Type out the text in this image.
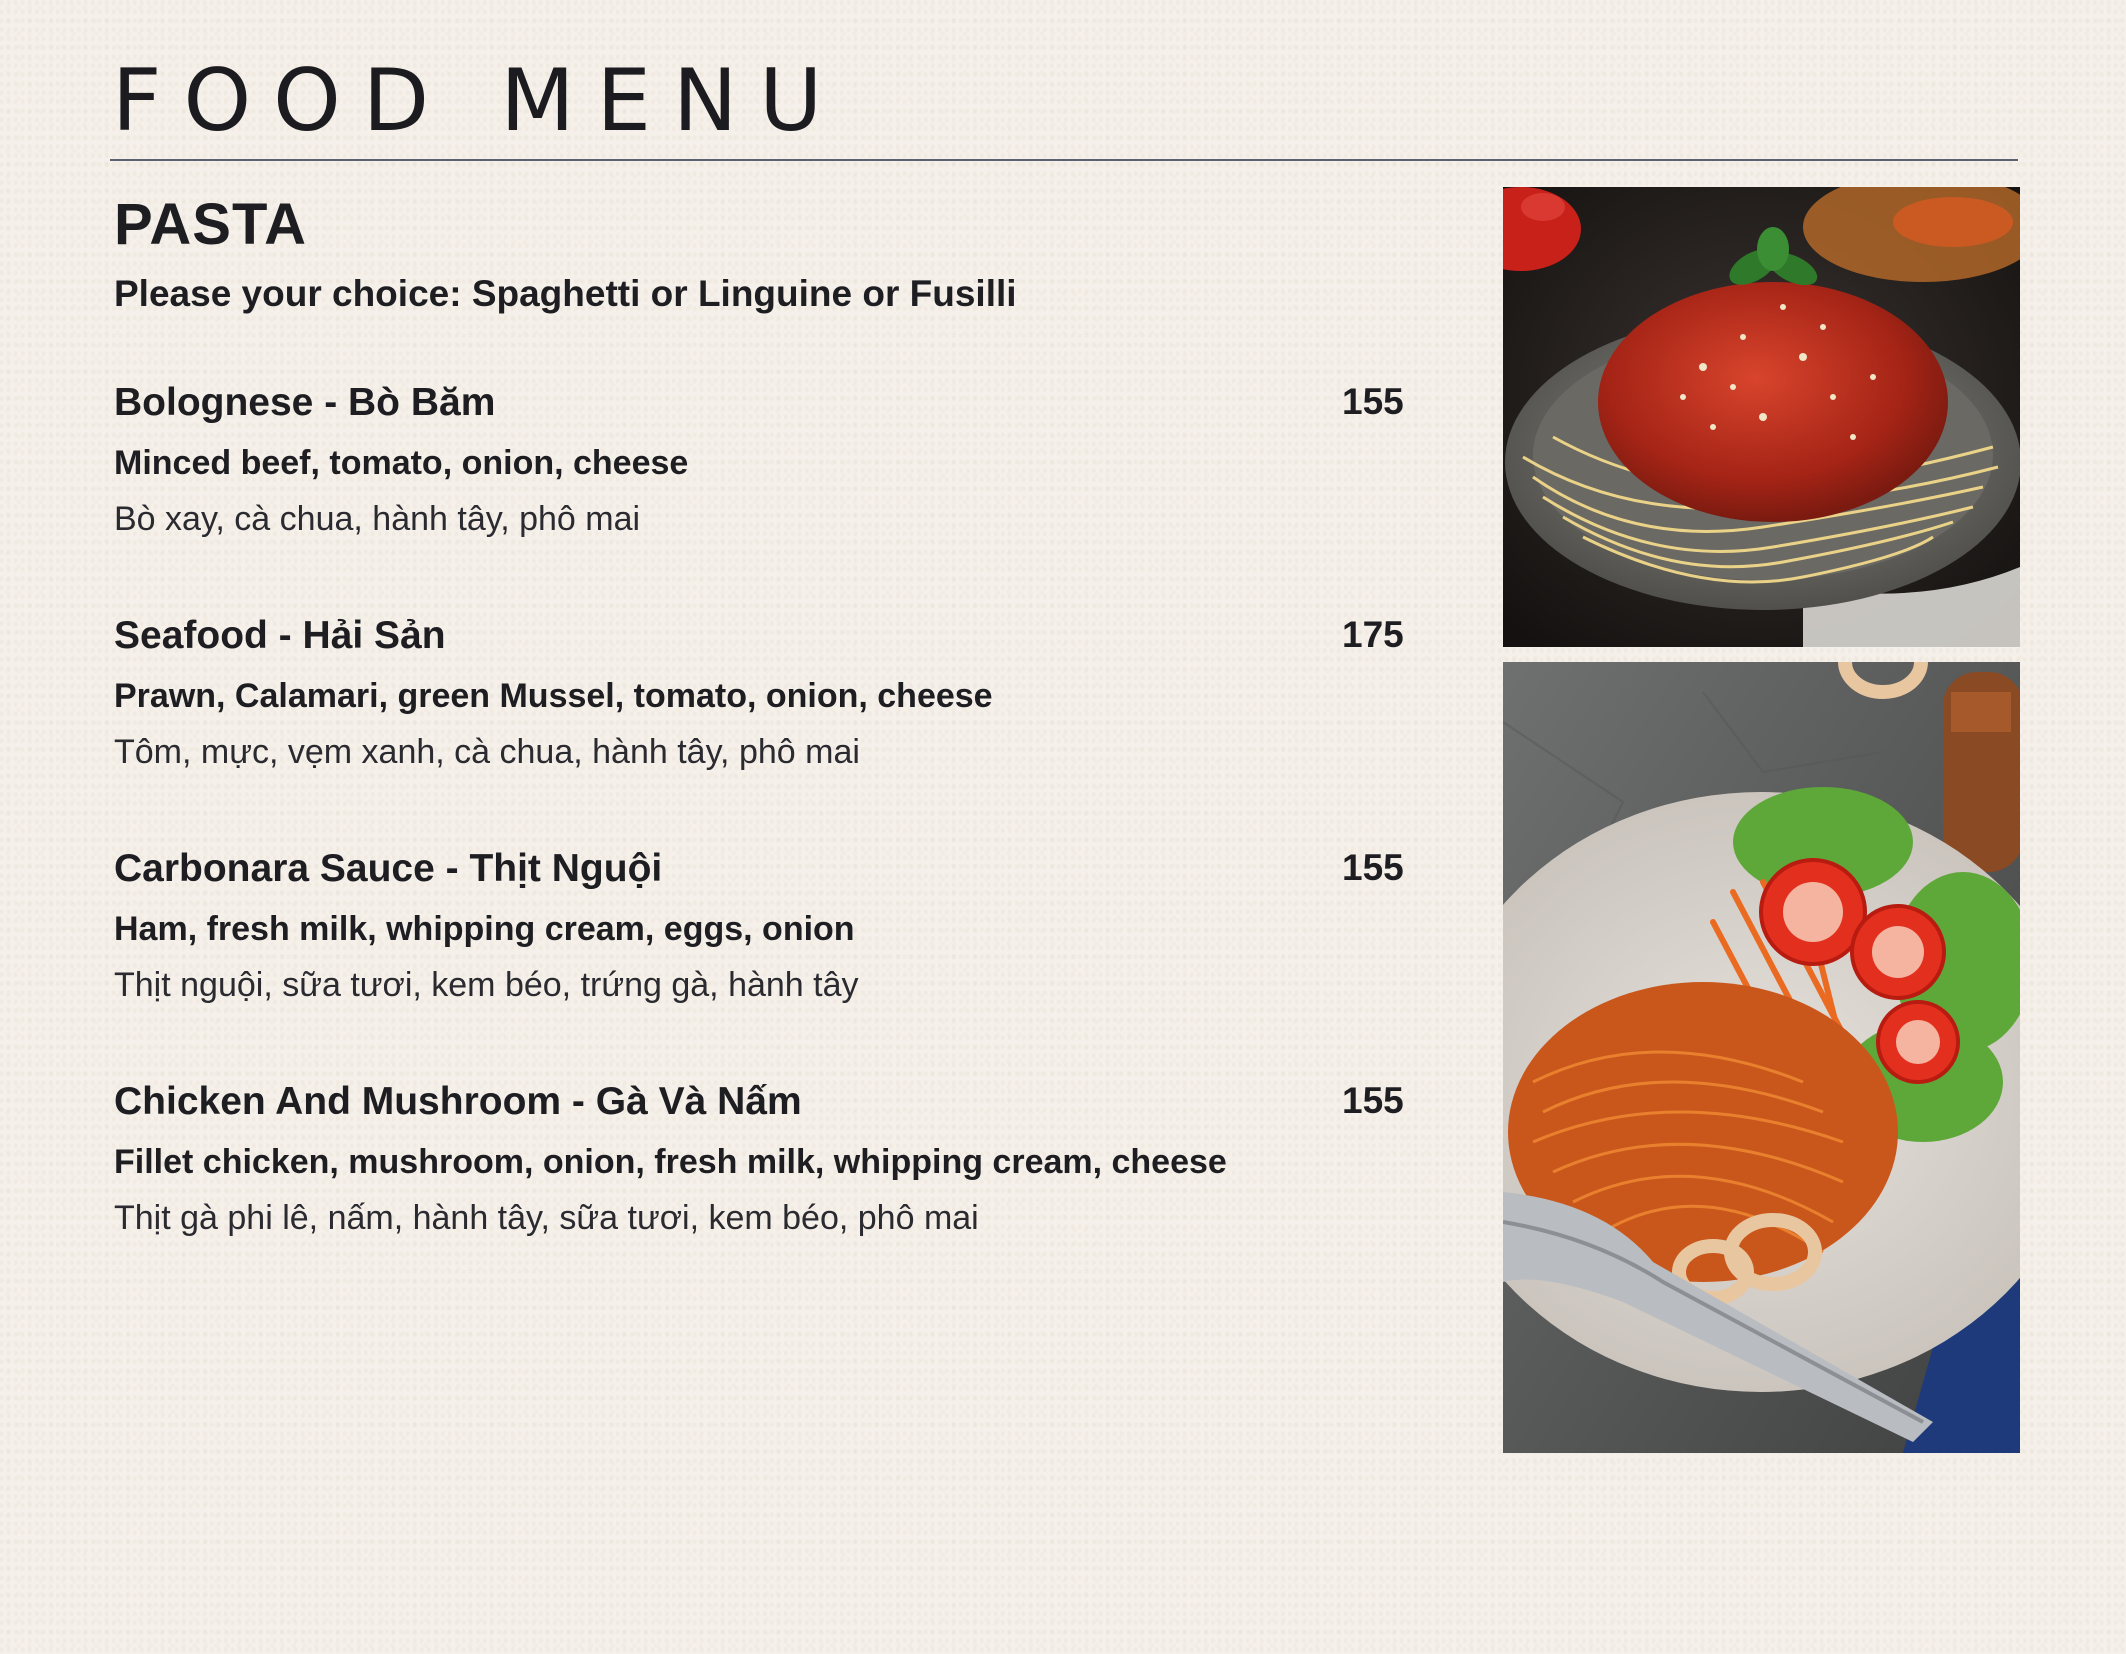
FOOD MENU
PASTA

Please your choice: Spaghetti or Linguine or Fusilli

Bolognese - Bò Băm	155

Minced beef, tomato, onion, cheese

Bò xay, cà chua, hành tây, phô mai

Seafood - Hải Sản	175

Prawn, Calamari, green Mussel, tomato, onion, cheese

Tôm, mực, vẹm xanh, cà chua, hành tây, phô mai

Carbonara Sauce - Thịt Nguội	155

Ham, fresh milk, whipping cream, eggs, onion

Thịt nguội, sữa tươi, kem béo, trứng gà, hành tây

Chicken And Mushroom - Gà Và Nấm	155

Fillet chicken, mushroom, onion, fresh milk, whipping cream, cheese

Thịt gà phi lê, nấm, hành tây, sữa tươi, kem béo, phô mai
